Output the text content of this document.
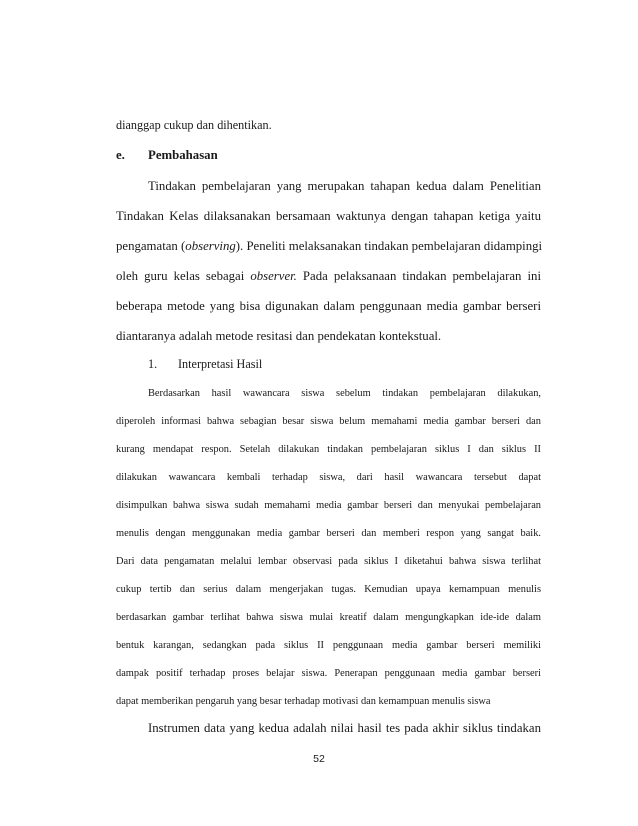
dianggap cukup dan dihentikan.
e. Pembahasan
Tindakan pembelajaran yang merupakan tahapan kedua dalam Penelitian
Tindakan Kelas dilaksanakan bersamaan waktunya dengan tahapan ketiga yaitu
pengamatan (observing). Peneliti melaksanakan tindakan pembelajaran didampingi
oleh guru kelas sebagai observer. Pada pelaksanaan tindakan pembelajaran ini
beberapa metode yang bisa digunakan dalam penggunaan media gambar berseri
diantaranya adalah metode resitasi dan pendekatan kontekstual.
1. Interpretasi Hasil
Berdasarkan hasil wawancara siswa sebelum tindakan pembelajaran dilakukan,
diperoleh informasi bahwa sebagian besar siswa belum memahami media gambar berseri dan
kurang mendapat respon. Setelah dilakukan tindakan pembelajaran siklus I dan siklus II
dilakukan wawancara kembali terhadap siswa, dari hasil wawancara tersebut dapat
disimpulkan bahwa siswa sudah memahami media gambar berseri dan menyukai pembelajaran
menulis dengan menggunakan media gambar berseri dan memberi respon yang sangat baik.
Dari data pengamatan melalui lembar observasi pada siklus I diketahui bahwa siswa terlihat
cukup tertib dan serius dalam mengerjakan tugas. Kemudian upaya kemampuan menulis
berdasarkan gambar terlihat bahwa siswa mulai kreatif dalam mengungkapkan ide-ide dalam
bentuk karangan, sedangkan pada siklus II penggunaan media gambar berseri memiliki
dampak positif terhadap proses belajar siswa. Penerapan penggunaan media gambar berseri
dapat memberikan pengaruh yang besar terhadap motivasi dan kemampuan menulis siswa
Instrumen data yang kedua adalah nilai hasil tes pada akhir siklus tindakan
52
